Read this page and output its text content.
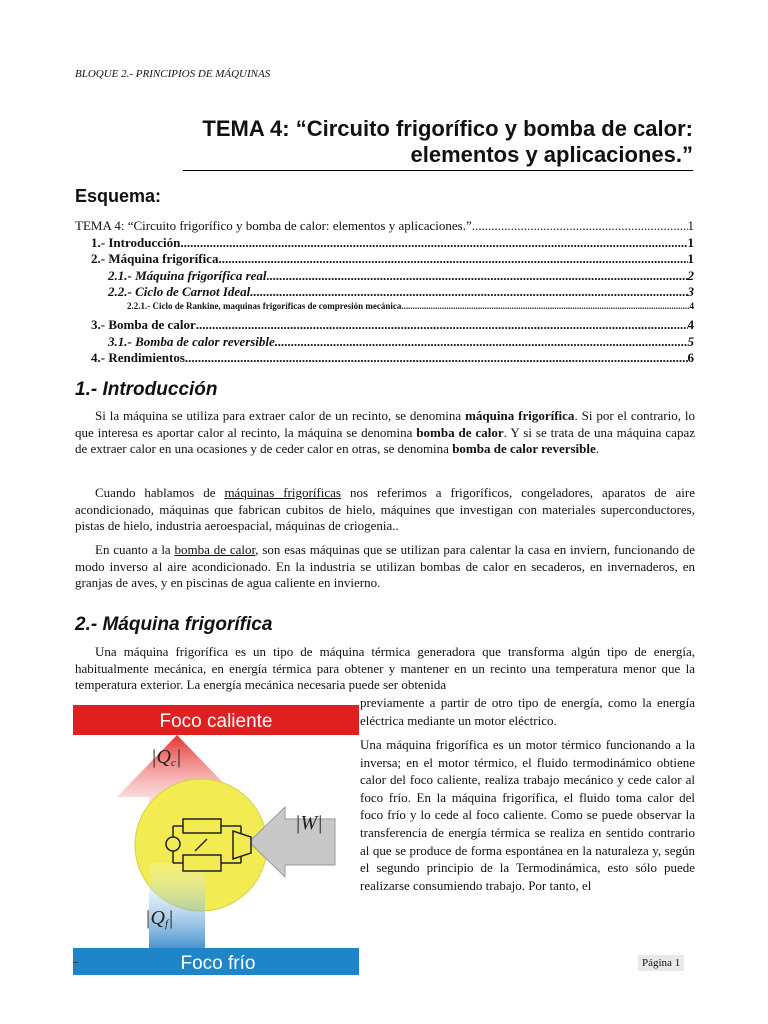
BLOQUE 2.- PRINCIPIOS DE MÁQUINAS
TEMA 4: “Circuito frigorífico y bomba de calor:
elementos y aplicaciones.”
Esquema:
TEMA 4: “Circuito frigorífico y bomba de calor: elementos y aplicaciones.” .....	1
1.- Introducción .....	1
2.- Máquina frigorífica .....	1
2.1.- Máquina frigorífica real .....	2
2.2.- Ciclo de Carnot Ideal .....	3
2.2.1.- Ciclo de Rankine, maquinas frigoríficas de compresión mecánica .....	4
3.- Bomba de calor .....	4
3.1.- Bomba de calor reversible .....	5
4.- Rendimientos .....	6
1.- Introducción

Si la máquina se utiliza para extraer calor de un recinto, se denomina máquina frigorífica. Si por el contrario, lo que interesa es aportar calor al recinto, la máquina se denomina bomba de calor. Y si se trata de una máquina capaz de extraer calor en una ocasiones y de ceder calor en otras, se denomina bomba de calor reversible.

Cuando hablamos de máquinas frigoríficas nos referimos a frigoríficos, congeladores, aparatos de aire acondicionado, máquinas que fabrican cubitos de hielo, máquines que investigan con materiales superconductores, pistas de hielo, industria aeroespacial, máquinas de criogenia..

En cuanto a la bomba de calor, son esas máquinas que se utilizan para calentar la casa en inviern, funcionando de modo inverso al aire acondicionado. En la industria se utilizan bombas de calor en secaderos, en invernaderos, en granjas de aves, y en piscinas de agua caliente en invierno.

2.- Máquina frigorífica

Una máquina frigorífica es un tipo de máquina térmica generadora que transforma algún tipo de energía, habitualmente mecánica, en energía térmica para obtener y mantener en un recinto una temperatura menor que la temperatura exterior. La energía mecánica necesaria puede ser obtenida

previamente a partir de otro tipo de energía, como la energía eléctrica mediante un motor eléctrico.

Una máquina frigorífica es un motor térmico funcionando a la inversa; en el motor térmico, el fluido termodinámico obtiene calor del foco caliente, realiza trabajo mecánico y cede calor al foco frío. En la máquina frigorífica, el fluido toma calor del foco frío y lo cede al foco caliente. Como se puede observar la transferencia de energía térmica se realiza en sentido contrario al que se produce de forma espontánea en la naturaleza y, según el segundo principio de la Termodinámica, esto sólo puede realizarse consumiendo trabajo. Por tanto, el

Foco caliente
Foco frío
|Qc|
|Qf|
|W|
Página 1
